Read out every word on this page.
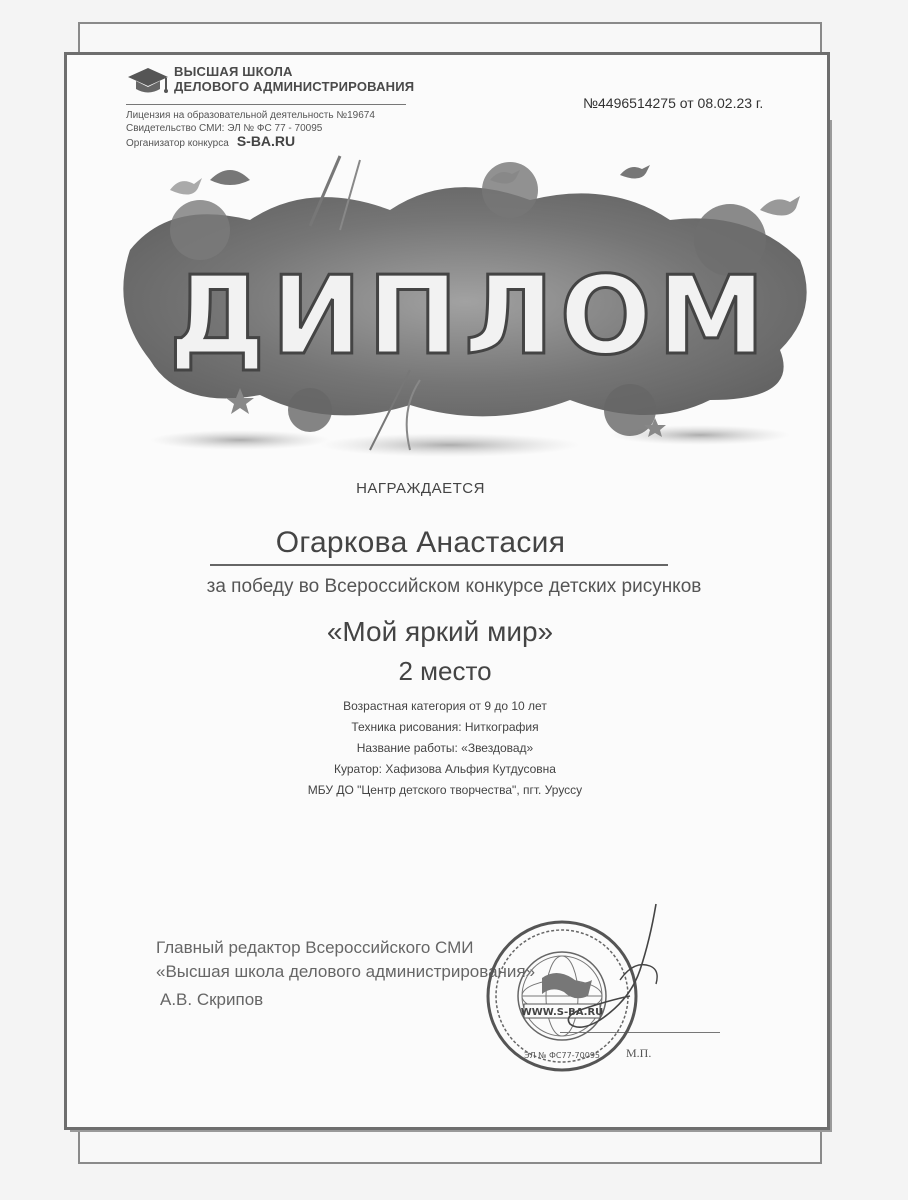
ВЫСШАЯ ШКОЛА
ДЕЛОВОГО АДМИНИСТРИРОВАНИЯ
Лицензия на образовательной деятельность №19674
Свидетельство СМИ: ЭЛ № ФС 77 - 70095
Организатор конкурса S-BA.RU
№4496514275 от 08.02.23 г.
ДИПЛОМ
НАГРАЖДАЕТСЯ
Огаркова Анастасия
за победу во Всероссийском конкурсе детских рисунков
«Мой яркий мир»
2 место
Возрастная категория от 9 до 10 лет
Техника рисования: Ниткография
Название работы: «Звездовад»
Куратор: Хафизова Альфия Кутдусовна
МБУ ДО "Центр детского творчества", пгт. Уруссу
Главный редактор Всероссийского СМИ
«Высшая школа делового администрирования»
А.В. Скрипов
М.П.
WWW.S-BA.RU
ЭЛ № ФС77-70095
